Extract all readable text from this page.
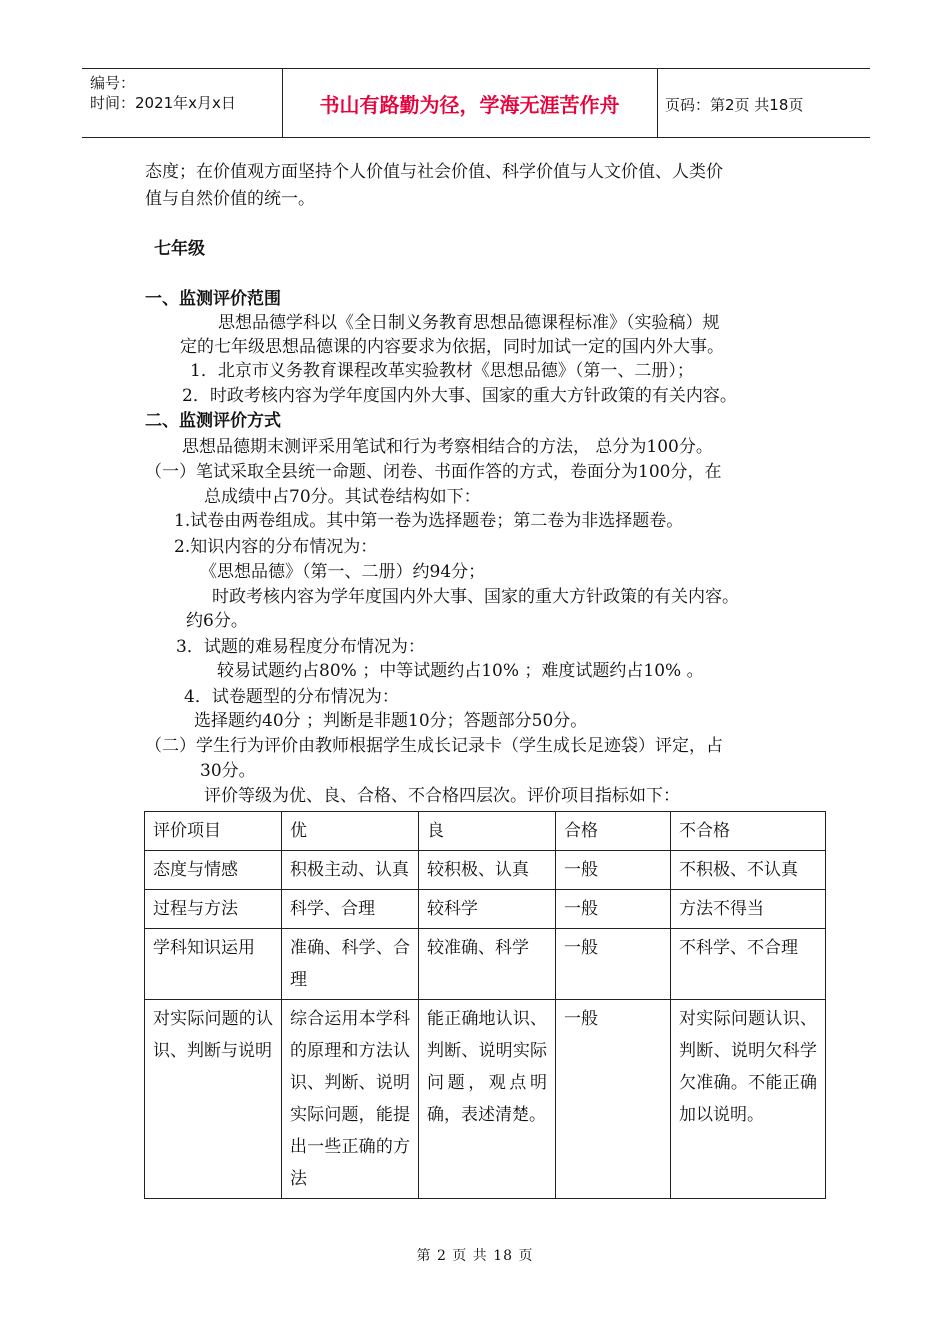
编号：
时间：2021年x月x日	书山有路勤为径，学海无涯苦作舟	页码：第2页 共18页
态度；在价值观方面坚持个人价值与社会价值、科学价值与人文价值、人类价
值与自然价值的统一。
七年级
一、监测评价范围
思想品德学科以《全日制义务教育思想品德课程标准》（实验稿）规
定的七年级思想品德课的内容要求为依据，同时加试一定的国内外大事。
1．北京市义务教育课程改革实验教材《思想品德》（第一、二册）；
2．时政考核内容为学年度国内外大事、国家的重大方针政策的有关内容。
二、监测评价方式
思想品德期末测评采用笔试和行为考察相结合的方法， 总分为100分。
（一）笔试采取全县统一命题、闭卷、书面作答的方式，卷面分为100分，在
总成绩中占70分。其试卷结构如下：
1.试卷由两卷组成。其中第一卷为选择题卷；第二卷为非选择题卷。
2.知识内容的分布情况为：
《思想品德》（第一、二册）约94分；
时政考核内容为学年度国内外大事、国家的重大方针政策的有关内容。
约6分。
3．试题的难易程度分布情况为：
较易试题约占80% ；中等试题约占10% ；难度试题约占10% 。
4．试卷题型的分布情况为：
选择题约40分 ；判断是非题10分；答题部分50分。
（二）学生行为评价由教师根据学生成长记录卡（学生成长足迹袋）评定，占
30分。
评价等级为优、良、合格、不合格四层次。评价项目指标如下：
评价项目	优	良	合格	不合格
态度与情感	积极主动、认真	较积极、认真	一般	不积极、不认真
过程与方法	科学、合理	较科学	一般	方法不得当
学科知识运用	准确、科学、合理	较准确、科学	一般	不科学、不合理
对实际问题的认识、判断与说明	综合运用本学科的原理和方法认识、判断、说明实际问题，能提出一些正确的方法	能正确地认识、判断、说明实际问题，观点明确，表述清楚。	一般	对实际问题认识、判断、说明欠科学欠准确。不能正确加以说明。
第 2 页 共 18 页
